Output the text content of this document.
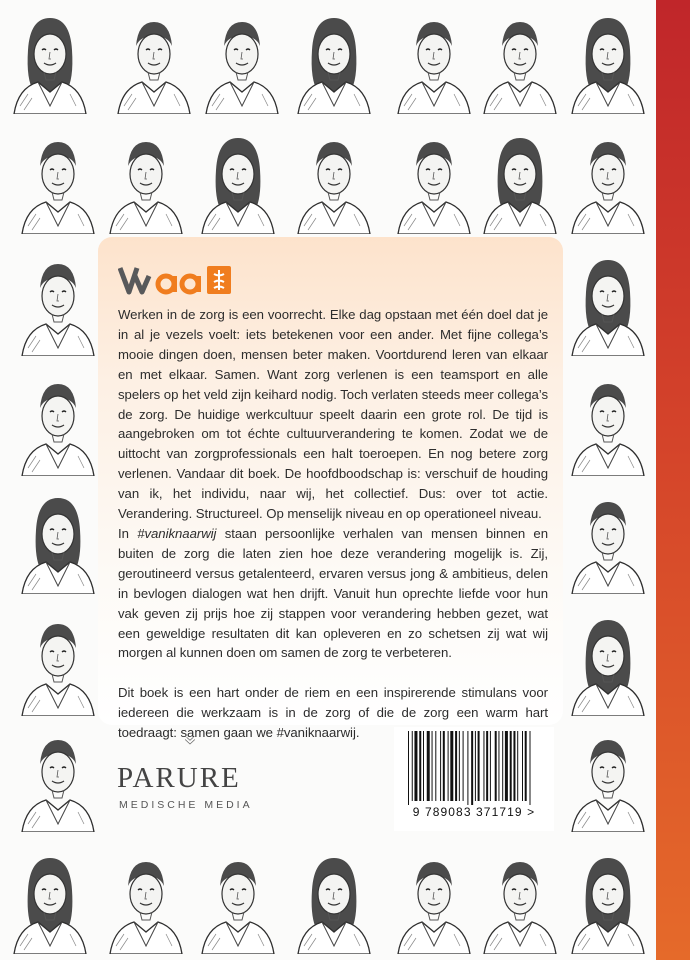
Werken in de zorg is een voorrecht. Elke dag opstaan met één doel dat je in al je vezels voelt: iets betekenen voor een ander. Met fijne collega’s mooie dingen doen, mensen beter maken. Voortdurend leren van elkaar en met elkaar. Samen. Want zorg verlenen is een teamsport en alle spelers op het veld zijn keihard nodig. Toch verlaten steeds meer collega’s de zorg. De huidige werkcultuur speelt daarin een grote rol. De tijd is aangebroken om tot échte cultuurverandering te komen. Zodat we de uittocht van zorgprofessionals een halt toeroepen. En nog betere zorg verlenen. Vandaar dit boek. De hoofdboodschap is: verschuif de houding van ik, het individu, naar wij, het collectief. Dus: over tot actie. Verandering. Structureel. Op menselijk niveau en op operationeel niveau.

In #vaniknaarwij staan persoonlijke verhalen van mensen binnen en buiten de zorg die laten zien hoe deze verandering mogelijk is. Zij, geroutineerd versus getalenteerd, ervaren versus jong & ambitieus, delen in bevlogen dialogen wat hen drijft. Vanuit hun oprechte liefde voor hun vak geven zij prijs hoe zij stappen voor verandering hebben gezet, wat een geweldige resultaten dit kan opleveren en zo schetsen zij wat wij morgen al kunnen doen om samen de zorg te verbeteren.

Dit boek is een hart onder de riem en een inspirerende stimulans voor iedereen die werkzaam is in de zorg of die de zorg een warm hart toedraagt: samen gaan we #vaniknaarwij.

PARURE
MEDISCHE MEDIA	9 789083 371719 >
